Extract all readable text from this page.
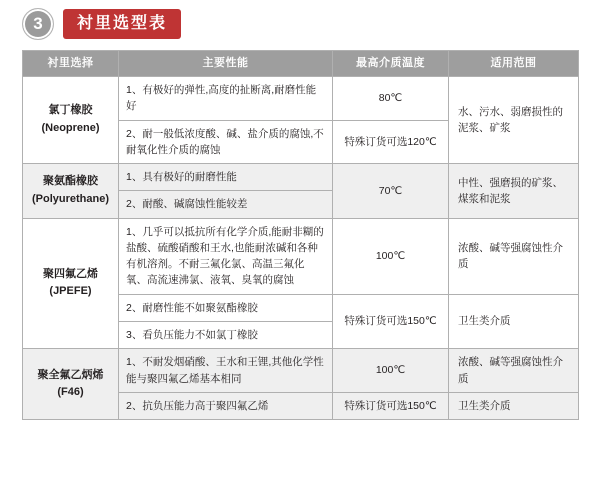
3	衬里选型表
衬里选择	主要性能	最高介质温度	适用范围
氯丁橡胶
(Neoprene)	1、有极好的弹性,高度的扯断离,耐磨性能好	80℃	水、污水、弱磨损性的泥浆、矿浆
	2、耐一般低浓度酸、碱、盐介质的腐蚀,不耐氧化性介质的腐蚀	特殊订货可选120℃	
聚氨酯橡胶
(Polyurethane)	1、具有极好的耐磨性能	70℃	中性、强磨损的矿浆、煤浆和泥浆
	2、耐酸、碱腐蚀性能较差		
聚四氟乙烯
(JPEFE)	1、几乎可以抵抗所有化学介质,能耐非糊的盐酸、硫酸硝酸和王水,也能耐浓碱和各种有机溶剂。不耐三氟化氯、高温三氟化氧、高流速沸氯、液氧、臭氧的腐蚀	100℃	浓酸、碱等强腐蚀性介质
	2、耐磨性能不如聚氨酯橡胶	特殊订货可选150℃	卫生类介质
	3、看负压能力不如氯丁橡胶		
聚全氟乙炳烯
(F46)	1、不耐发烟硝酸、王水和王锂,其他化学性能与聚四氟乙烯基本相同	100℃	浓酸、碱等强腐蚀性介质
	2、抗负压能力高于聚四氟乙烯	特殊订货可选150℃	卫生类介质
